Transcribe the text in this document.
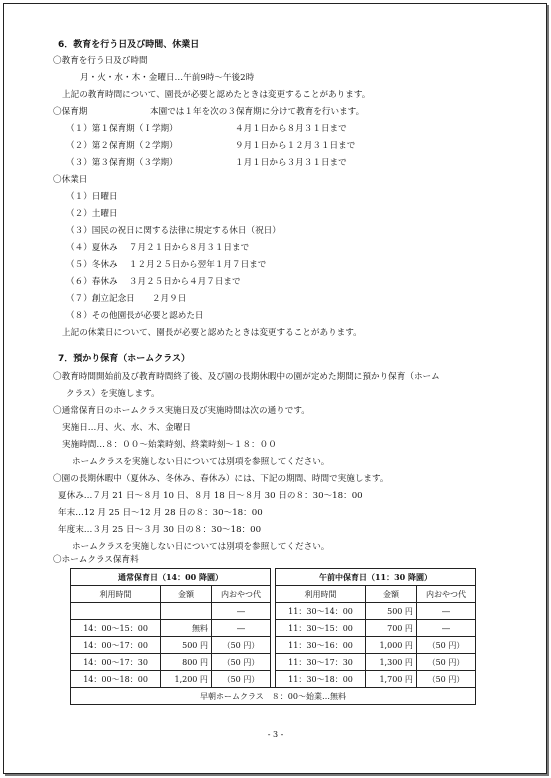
6．教育を行う日及び時間、休業日
〇教育を行う日及び時間
月・火・水・木・金曜日…午前9時〜午後2時
上記の教育時間について、園長が必要と認めたときは変更することがあります。
〇保育期	本園では１年を次の３保育期に分けて教育を行います。
（１）第１保育期（Ｉ学期）	４月１日から８月３１日まで
（２）第２保育期（２学期）	９月１日から１２月３１日まで
（３）第３保育期（３学期）	１月１日から３月３１日まで
〇休業日
（１）日曜日
（２）土曜日
（３）国民の祝日に関する法律に規定する休日（祝日）
（４）夏休み　 ７月２１日から８月３１日まで
（５）冬休み　 １２月２５日から翌年１月７日まで
（６）春休み　 ３月２５日から４月７日まで
（７）創立記念日　　２月９日
（８）その他園長が必要と認めた日
上記の休業日について、園長が必要と認めたときは変更することがあります。
7．預かり保育（ホームクラス）
〇教育時間開始前及び教育時間終了後、及び園の長期休暇中の園が定めた期間に預かり保育（ホーム
クラス）を実施します。
〇通常保育日のホームクラス実施日及び実施時間は次の通りです。
実施日…月、火、水、木、金曜日
実施時間…８：００〜始業時刻、終業時刻〜１８：００
ホームクラスを実施しない日については別項を参照してください。
〇園の長期休暇中（夏休み、冬休み、春休み）には、下記の期間、時間で実施します。
夏休み…７月 21 日〜８月 10 日、８月 18 日〜８月 30 日の８：30〜18：00
年末…12 月 25 日〜12 月 28 日の８：30〜18：00
年度末…３月 25 日〜３月 30 日の８：30〜18：00
ホームクラスを実施しない日については別項を参照してください。
〇ホームクラス保育料
通常保育日（14：00 降園）				午前中保育日（11：30 降園）		
利用時間	金額	内おやつ代		利用時間	金額	内おやつ代
		―		11：30〜14：00	500 円	―
14：00〜15：00	無料	―		11：30〜15：00	700 円	―
14：00〜17：00	500 円	（50 円）		11：30〜16：00	1,000 円	（50 円）
14：00〜17：30	800 円	（50 円）		11：30〜17：30	1,300 円	（50 円）
14：00〜18：00	1,200 円	（50 円）		11：30〜18：00	1,700 円	（50 円）
早朝ホームクラス　８：00〜始業…無料						
- 3 -
